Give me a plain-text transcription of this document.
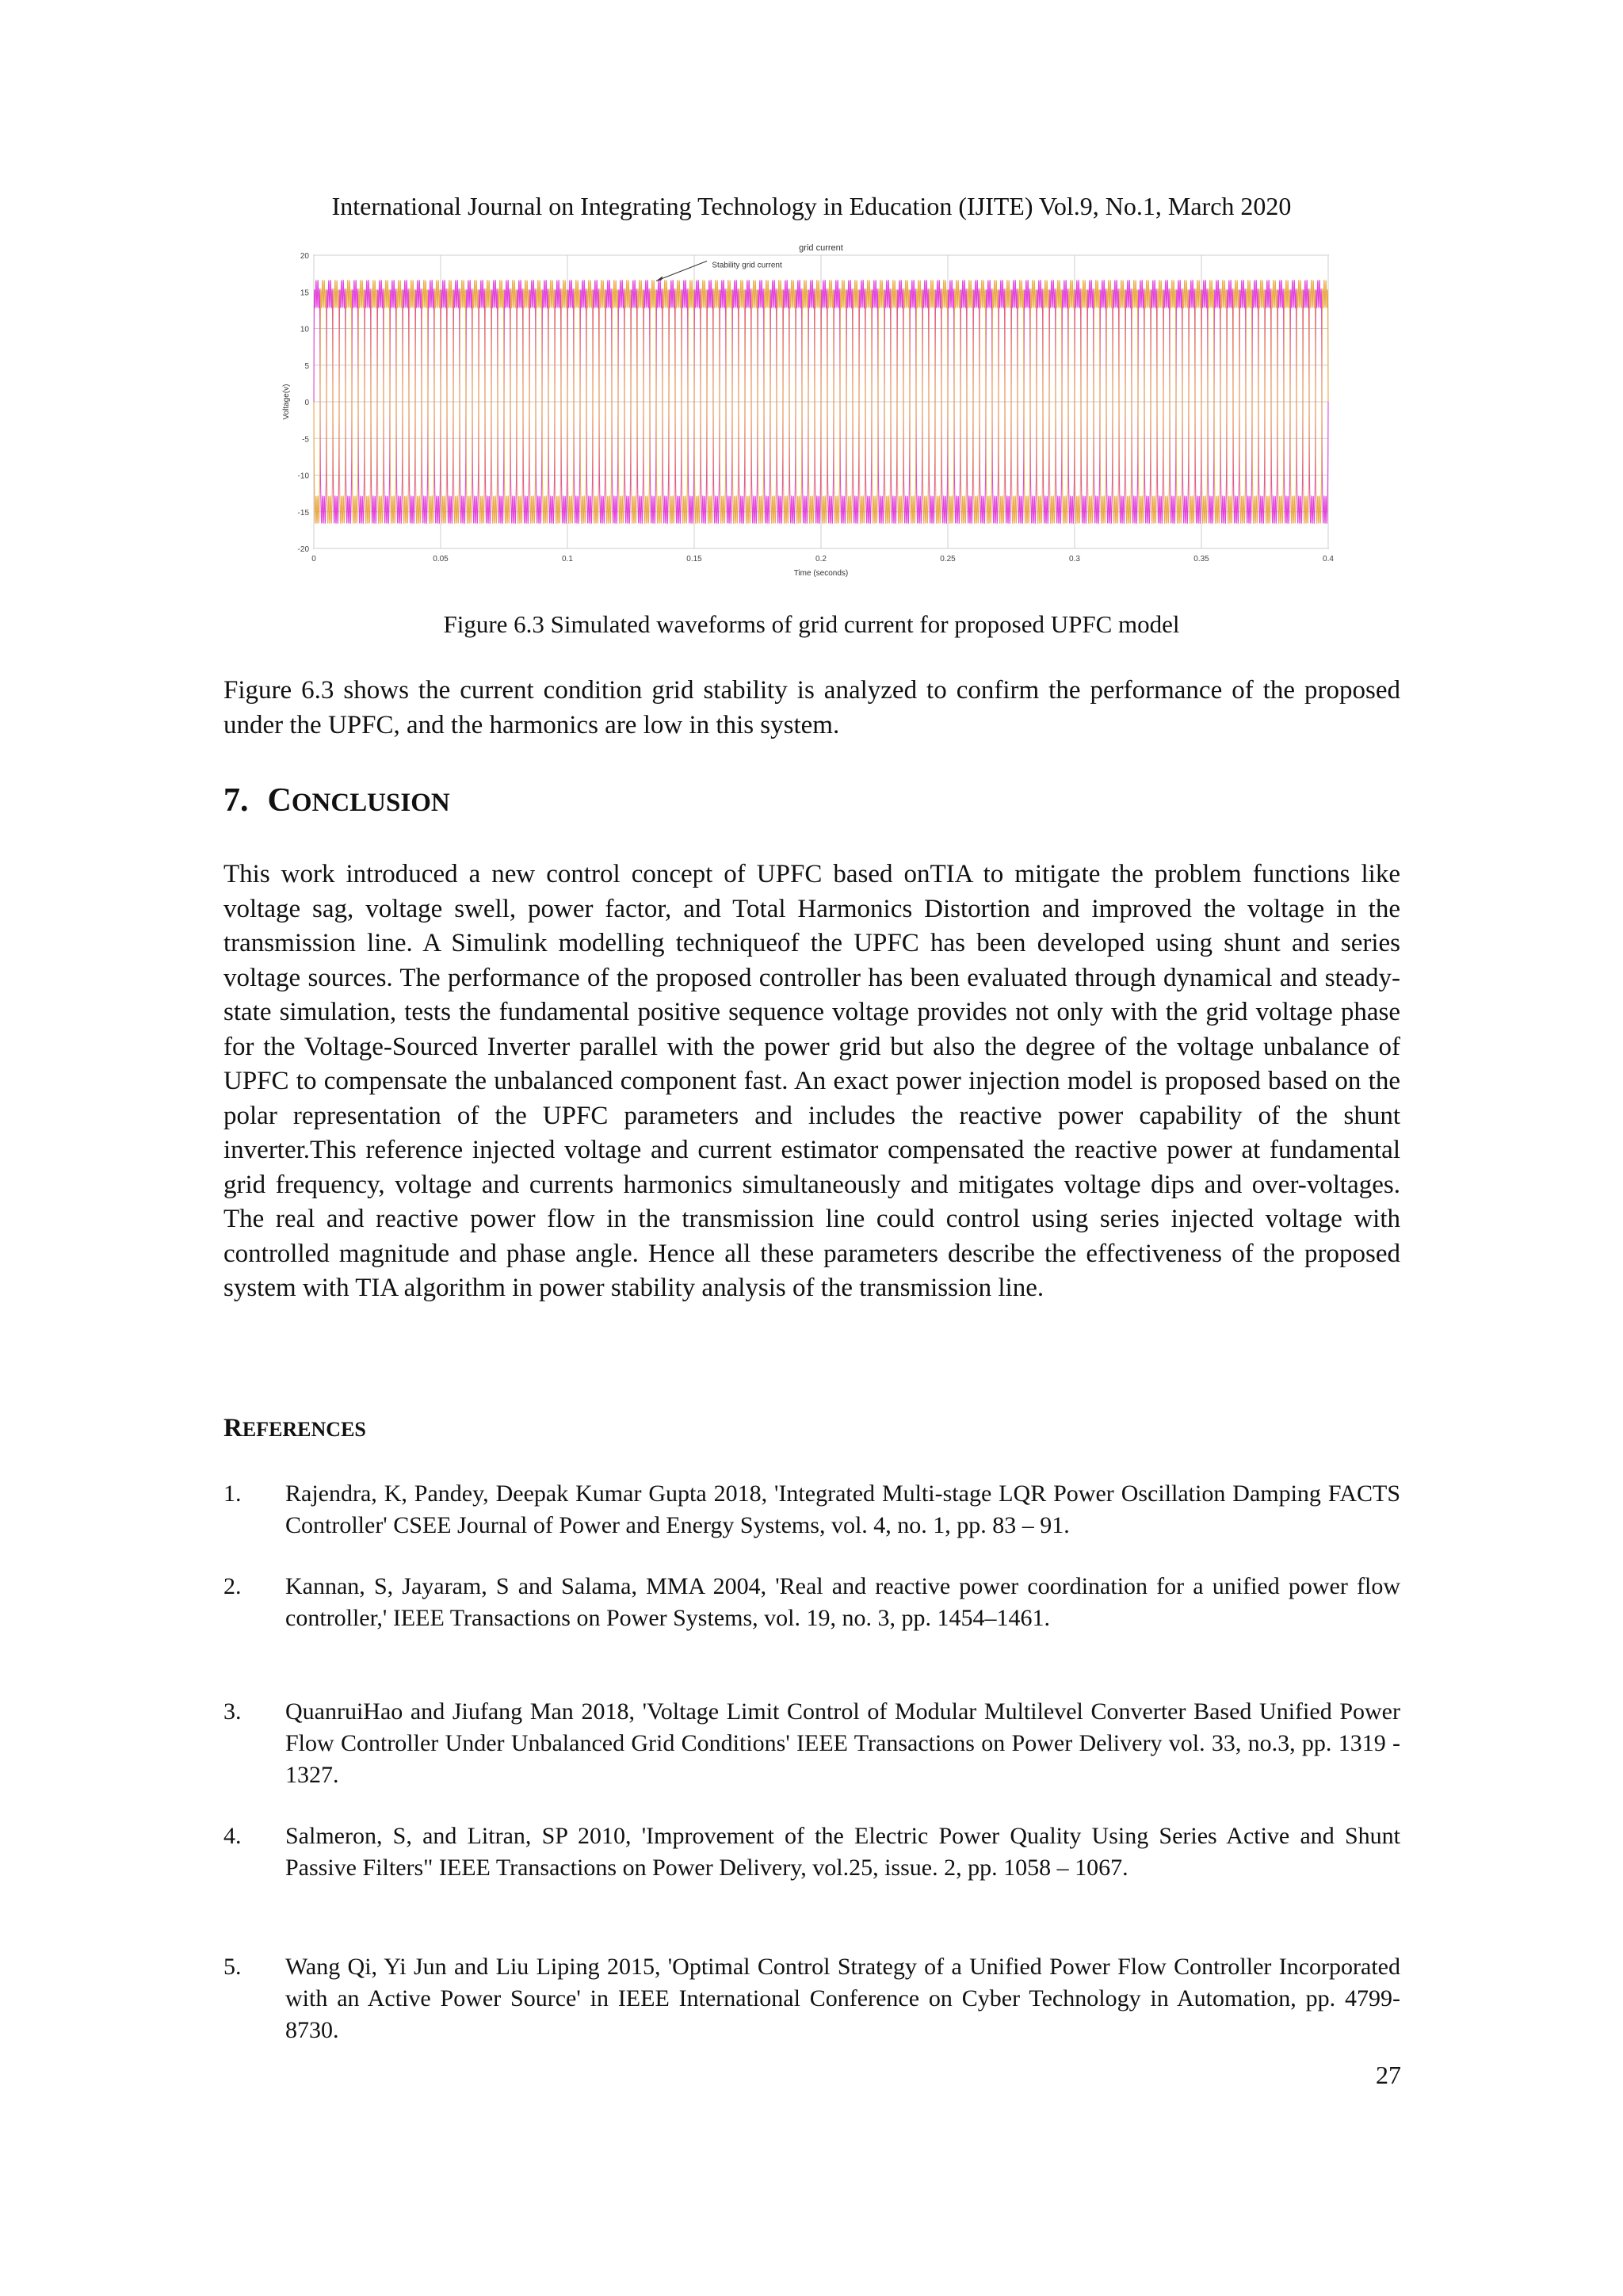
International Journal on Integrating Technology in Education (IJITE) Vol.9, No.1, March 2020
grid current
0	0.05	0.1	0.15	0.2	0.25	0.3	0.35	0.4
20
15
10
5
0
-5
-10
-15
-20
Time (seconds)
Voltage(v)
Stability grid current
Figure 6.3 Simulated waveforms of grid current for proposed UPFC model
Figure 6.3 shows the current condition grid stability is analyzed to confirm the performance of the proposed under the UPFC, and the harmonics are low in this system.
7. CONCLUSION
This work introduced a new control concept of UPFC based onTIA to mitigate the problem functions like voltage sag, voltage swell, power factor, and Total Harmonics Distortion and improved the voltage in the transmission line. A Simulink modelling techniqueof the UPFC has been developed using shunt and series voltage sources. The performance of the proposed controller has been evaluated through dynamical and steady-state simulation, tests the fundamental positive sequence voltage provides not only with the grid voltage phase for the Voltage-Sourced Inverter parallel with the power grid but also the degree of the voltage unbalance of UPFC to compensate the unbalanced component fast. An exact power injection model is proposed based on the polar representation of the UPFC parameters and includes the reactive power capability of the shunt inverter.This reference injected voltage and current estimator compensated the reactive power at fundamental grid frequency, voltage and currents harmonics simultaneously and mitigates voltage dips and over-voltages. The real and reactive power flow in the transmission line could control using series injected voltage with controlled magnitude and phase angle. Hence all these parameters describe the effectiveness of the proposed system with TIA algorithm in power stability analysis of the transmission line.
REFERENCES
1.	Rajendra, K, Pandey, Deepak Kumar Gupta 2018, 'Integrated Multi-stage LQR Power Oscillation Damping FACTS Controller' CSEE Journal of Power and Energy Systems, vol. 4, no. 1, pp. 83 – 91.
2.	Kannan, S, Jayaram, S and Salama, MMA 2004, 'Real and reactive power coordination for a unified power flow controller,' IEEE Transactions on Power Systems, vol. 19, no. 3, pp. 1454–1461.
3.	QuanruiHao and Jiufang Man 2018, 'Voltage Limit Control of Modular Multilevel Converter Based Unified Power Flow Controller Under Unbalanced Grid Conditions' IEEE Transactions on Power Delivery vol. 33, no.3, pp. 1319 - 1327.
4.	Salmeron, S, and Litran, SP 2010, 'Improvement of the Electric Power Quality Using Series Active and Shunt Passive Filters" IEEE Transactions on Power Delivery, vol.25, issue. 2, pp. 1058 – 1067.
5.	Wang Qi, Yi Jun and Liu Liping 2015, 'Optimal Control Strategy of a Unified Power Flow Controller Incorporated with an Active Power Source' in IEEE International Conference on Cyber Technology in Automation, pp. 4799-8730.
27
